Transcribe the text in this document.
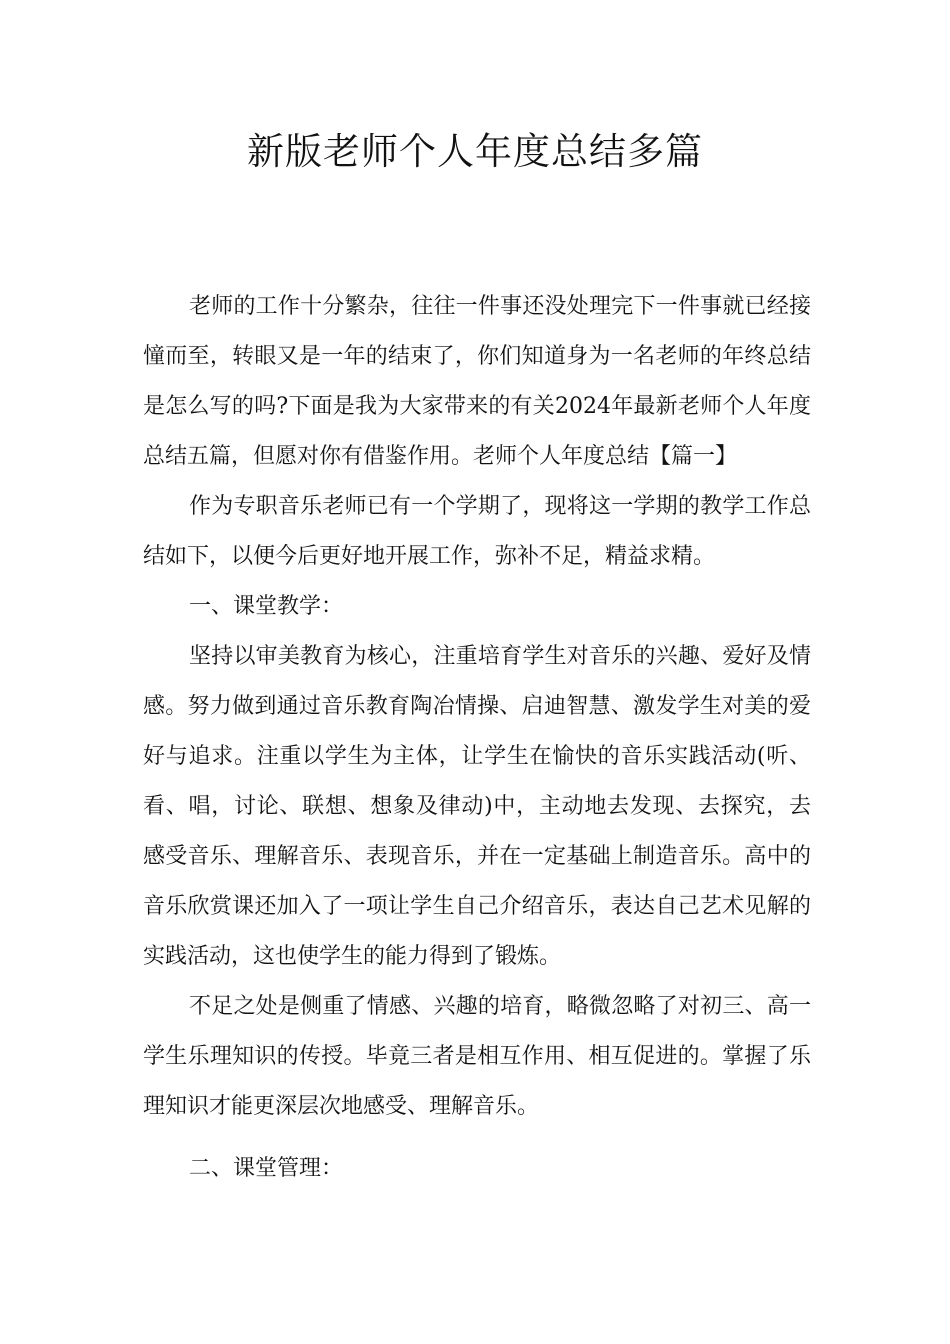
新版老师个人年度总结多篇

老师的工作十分繁杂，往往一件事还没处理完下一件事就已经接憧而至，转眼又是一年的结束了，你们知道身为一名老师的年终总结是怎么写的吗?下面是我为大家带来的有关2024年最新老师个人年度总结五篇，但愿对你有借鉴作用。老师个人年度总结【篇一】

作为专职音乐老师已有一个学期了，现将这一学期的教学工作总结如下，以便今后更好地开展工作，弥补不足，精益求精。

一、课堂教学：

坚持以审美教育为核心，注重培育学生对音乐的兴趣、爱好及情感。努力做到通过音乐教育陶冶情操、启迪智慧、激发学生对美的爱好与追求。注重以学生为主体，让学生在愉快的音乐实践活动(听、看、唱，讨论、联想、想象及律动)中，主动地去发现、去探究，去感受音乐、理解音乐、表现音乐，并在一定基础上制造音乐。高中的音乐欣赏课还加入了一项让学生自己介绍音乐，表达自己艺术见解的实践活动，这也使学生的能力得到了锻炼。

不足之处是侧重了情感、兴趣的培育，略微忽略了对初三、高一学生乐理知识的传授。毕竟三者是相互作用、相互促进的。掌握了乐理知识才能更深层次地感受、理解音乐。

二、课堂管理：
